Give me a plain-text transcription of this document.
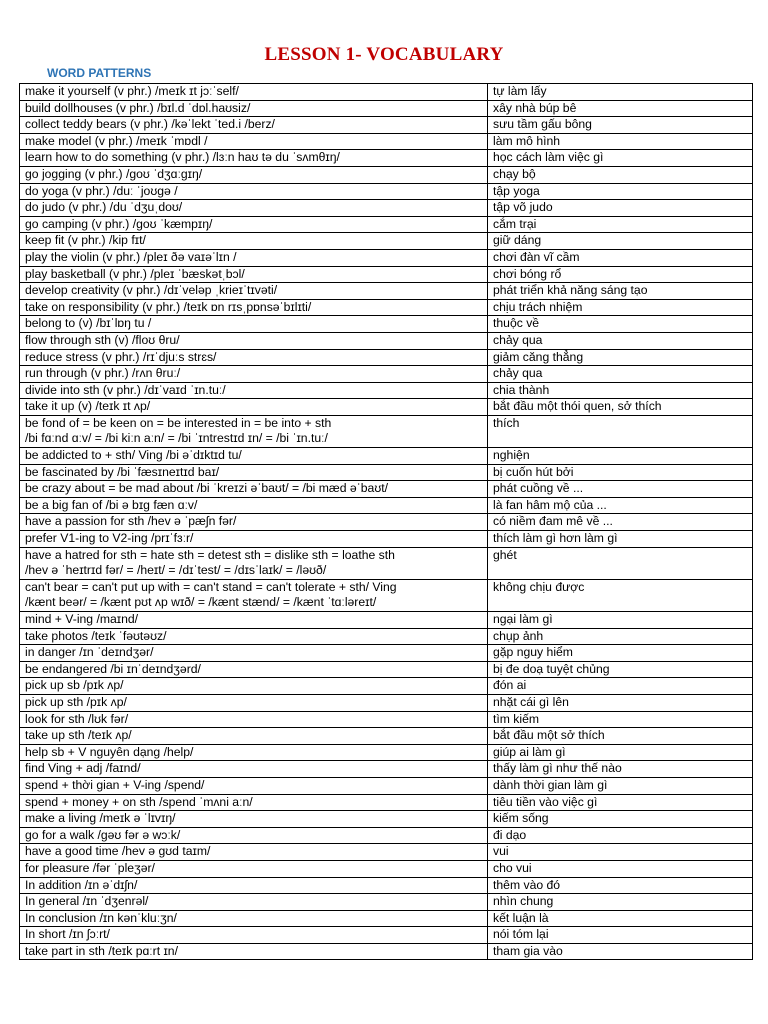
LESSON 1- VOCABULARY
WORD PATTERNS
make it yourself (v phr.) /meɪk ɪt jɔːˈself/	tự làm lấy

build dollhouses (v phr.) /bɪl.d ˈdɒl.haʊsiz/	xây nhà búp bê

collect teddy bears (v phr.) /kəˈlekt ˈted.i /berz/	sưu tầm gấu bông

make model (v phr.) /meɪk ˈmɒdl /	làm mô hình

learn how to do something (v phr.) /lɜːn haʊ tə du ˈsʌmθɪŋ/	học cách làm việc gì

go jogging (v phr.) /ɡoʊ ˈdʒɑːɡɪŋ/	chạy bộ

do yoga (v phr.) /duː ˈjoʊɡə /	tập yoga

do judo (v phr.) /du ˈdʒuˌdoʊ/	tập võ judo

go camping (v phr.) /ɡoʊ ˈkæmpɪŋ/	cắm trại

keep fit (v phr.) /kip fɪt/	giữ dáng

play the violin (v phr.) /pleɪ ðə vaɪəˈlɪn /	chơi đàn vĩ cầm

play basketball (v phr.) /pleɪ ˈbæskətˌbɔl/	chơi bóng rổ

develop creativity (v phr.) /dɪˈveləp ˌkrieɪˈtɪvəti/	phát triển khả năng sáng tạo

take on responsibility (v phr.) /teɪk ɒn rɪsˌpɒnsəˈbɪlɪti/	chịu trách nhiệm

belong to (v) /bɪˈlɒŋ tu /	thuộc về

flow through sth (v) /floʊ θru/	chảy qua

reduce stress (v phr.) /rɪˈdjuːs strɛs/	giảm căng thẳng

run through (v phr.) /rʌn θruː/	chảy qua

divide into sth (v phr.) /dɪˈvaɪd ˈɪn.tuː/	chia thành

take it up (v) /teɪk ɪt ʌp/	bắt đầu một thói quen, sở thích

be fond of = be keen on = be interested in = be into + sth
/bi fɑːnd ɑːv/ = /bi kiːn aːn/ = /bi ˈɪntrestɪd ɪn/ = /bi ˈɪn.tuː/	thích

be addicted to + sth/ Ving /bi əˈdɪktɪd tu/	nghiện

be fascinated by /bi ˈfæsɪneɪtɪd baɪ/	bị cuốn hút bởi

be crazy about = be mad about /bi ˈkreɪzi əˈbaʊt/ = /bi mæd əˈbaʊt/	phát cuồng về ...

be a big fan of /bi ə bɪɡ fæn ɑːv/	là fan hâm mộ của ...

have a passion for sth /hev ə ˈpæʃn fər/	có niềm đam mê về ...

prefer V1-ing to V2-ing /prɪˈfɜːr/	thích làm gì hơn làm gì

have a hatred for sth = hate sth = detest sth = dislike sth = loathe sth
/hev ə ˈheɪtrɪd fər/ = /heɪt/ = /dɪˈtest/ = /dɪsˈlaɪk/ = /ləʊð/	ghét

can't bear = can't put up with = can't stand = can't tolerate + sth/ Ving
/kænt beər/ = /kænt pʊt ʌp wɪð/ = /kænt stænd/ = /kænt ˈtɑːləreɪt/	không chịu được

mind + V-ing /maɪnd/	ngại làm gì

take photos /teɪk ˈfəʊtəʊz/	chụp ảnh

in danger /ɪn ˈdeɪndʒər/	gặp nguy hiểm

be endangered /bi ɪnˈdeɪndʒərd/	bị đe doạ tuyệt chủng

pick up sb /pɪk ʌp/	đón ai

pick up sth /pɪk ʌp/	nhặt cái gì lên

look for sth /lʊk fər/	tìm kiếm

take up sth /teɪk ʌp/	bắt đầu một sở thích

help sb + V nguyên dạng /help/	giúp ai làm gì

find Ving + adj /faɪnd/	thấy làm gì như thế nào

spend + thời gian + V-ing /spend/	dành thời gian làm gì

spend + money + on sth /spend ˈmʌni aːn/	tiêu tiền vào việc gì

make a living /meɪk ə ˈlɪvɪŋ/	kiếm sống

go for a walk /ɡəʊ fər ə wɔːk/	đi dạo

have a good time /hev ə ɡʊd taɪm/	vui

for pleasure /fər ˈpleʒər/	cho vui

In addition /ɪn əˈdɪʃn/	thêm vào đó

In general /ɪn ˈdʒenrəl/	nhìn chung

In conclusion /ɪn kənˈkluːʒn/	kết luận là

In short /ɪn ʃɔːrt/	nói tóm lại

take part in sth /teɪk pɑːrt ɪn/	tham gia vào
